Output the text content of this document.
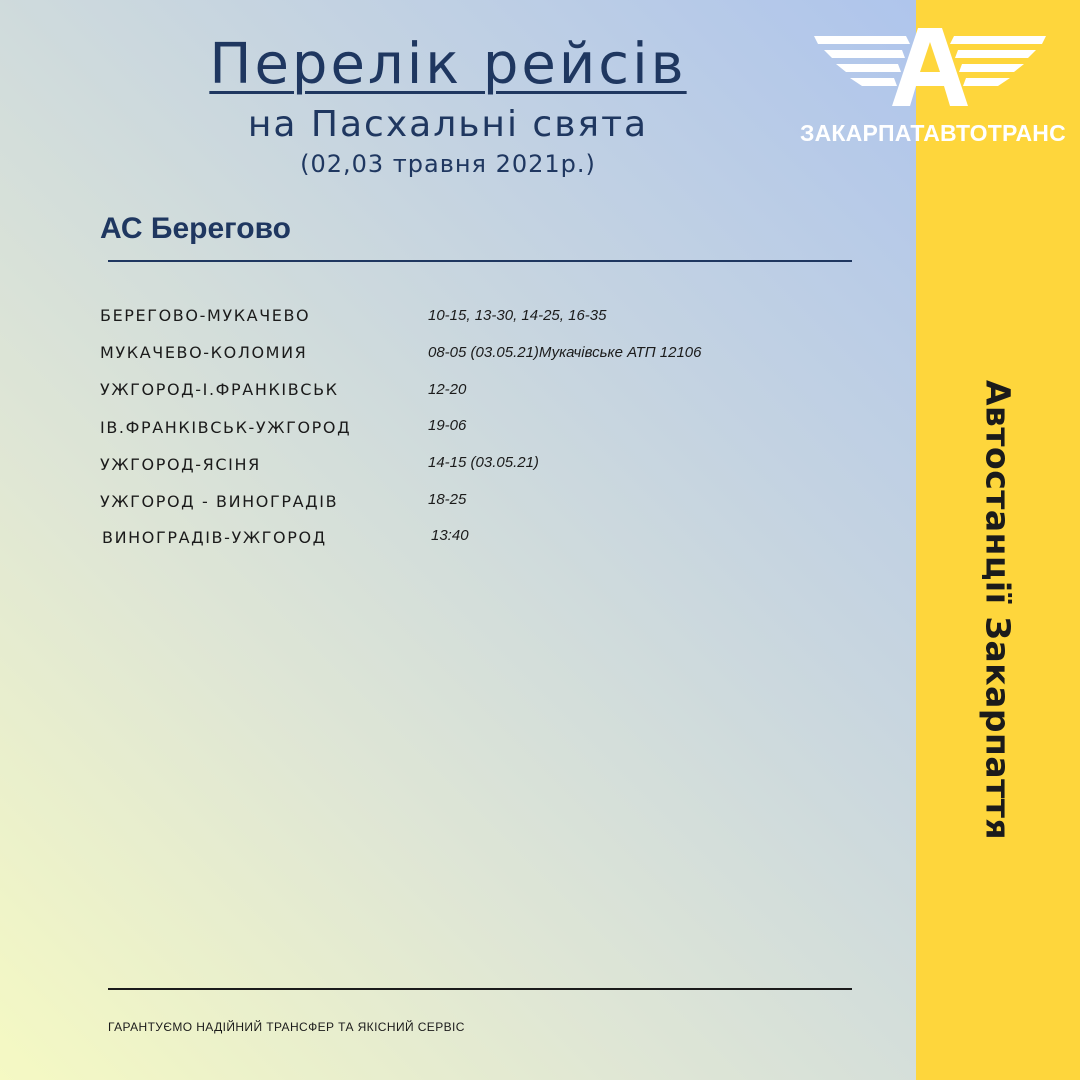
ЗАКАРПАТАВТОТРАНС
Автостанції Закарпаття
Перелік рейсів
на Пасхальні свята
(02,03 травня 2021р.)
АС Берегово
БЕРЕГОВО-МУКАЧЕВО	10-15, 13-30, 14-25, 16-35
МУКАЧЕВО-КОЛОМИЯ	08-05 (03.05.21)Мукачівське АТП 12106
УЖГОРОД-І.ФРАНКІВСЬК	12-20
ІВ.ФРАНКІВСЬК-УЖГОРОД	19-06
УЖГОРОД-ЯСІНЯ	14-15 (03.05.21)
УЖГОРОД - ВИНОГРАДІВ	18-25
ВИНОГРАДІВ-УЖГОРОД	13:40
ГАРАНТУЄМО НАДІЙНИЙ ТРАНСФЕР ТА ЯКІСНИЙ СЕРВІС
